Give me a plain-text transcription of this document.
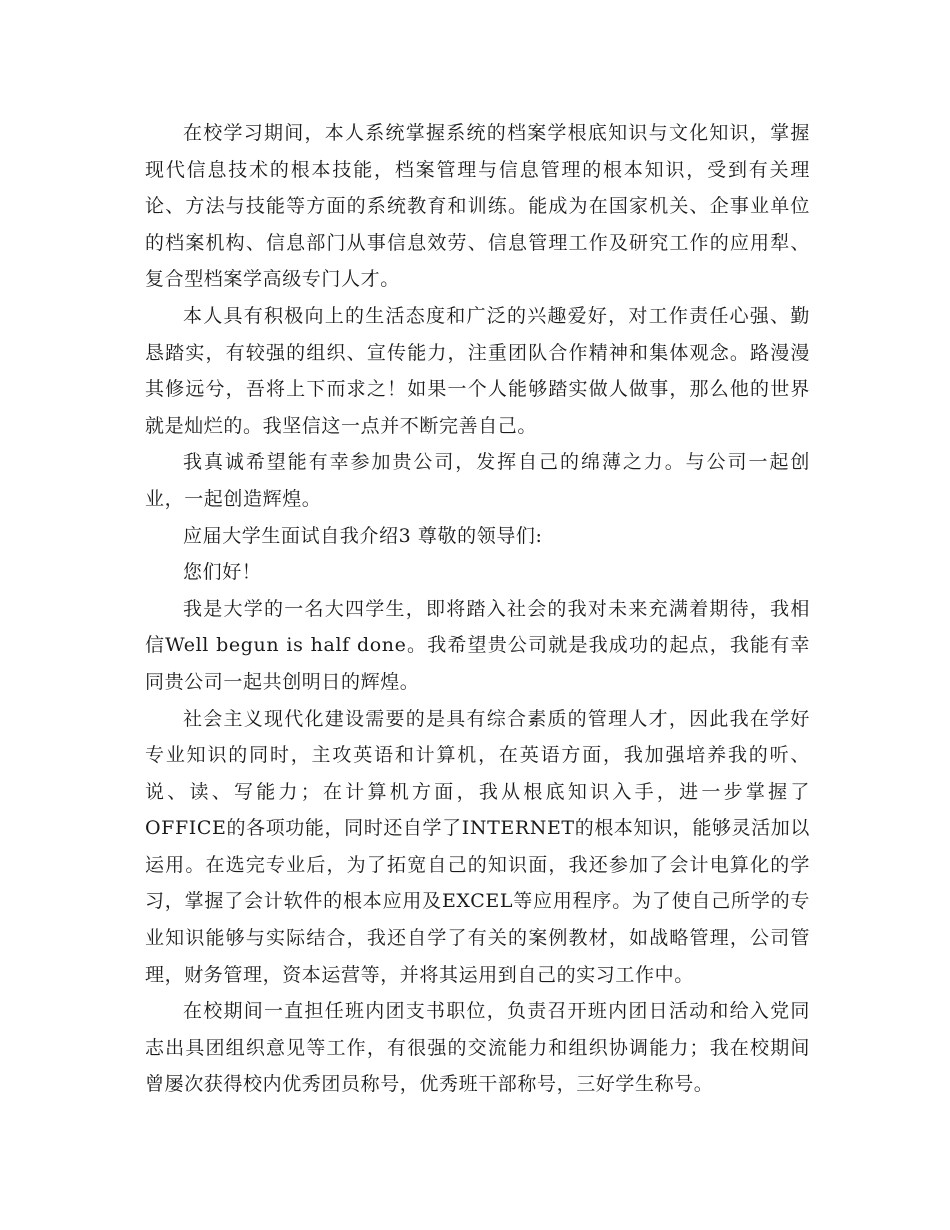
在校学习期间，本人系统掌握系统的档案学根底知识与文化知识，掌握现代信息技术的根本技能，档案管理与信息管理的根本知识，受到有关理论、方法与技能等方面的系统教育和训练。能成为在国家机关、企事业单位的档案机构、信息部门从事信息效劳、信息管理工作及研究工作的应用犁、复合型档案学高级专门人才。

本人具有积极向上的生活态度和广泛的兴趣爱好，对工作责任心强、勤恳踏实，有较强的组织、宣传能力，注重团队合作精神和集体观念。路漫漫其修远兮，吾将上下而求之！如果一个人能够踏实做人做事，那么他的世界就是灿烂的。我坚信这一点并不断完善自己。

我真诚希望能有幸参加贵公司，发挥自己的绵薄之力。与公司一起创业，一起创造辉煌。

应届大学生面试自我介绍3 尊敬的领导们:

您们好！

我是大学的一名大四学生，即将踏入社会的我对未来充满着期待，我相信Well begun is half done。我希望贵公司就是我成功的起点，我能有幸同贵公司一起共创明日的辉煌。

社会主义现代化建设需要的是具有综合素质的管理人才，因此我在学好专业知识的同时，主攻英语和计算机，在英语方面，我加强培养我的听、说、读、写能力；在计算机方面，我从根底知识入手，进一步掌握了OFFICE的各项功能，同时还自学了INTERNET的根本知识，能够灵活加以运用。在选完专业后，为了拓宽自己的知识面，我还参加了会计电算化的学习，掌握了会计软件的根本应用及EXCEL等应用程序。为了使自己所学的专业知识能够与实际结合，我还自学了有关的案例教材，如战略管理，公司管理，财务管理，资本运营等，并将其运用到自己的实习工作中。

在校期间一直担任班内团支书职位，负责召开班内团日活动和给入党同志出具团组织意见等工作，有很强的交流能力和组织协调能力；我在校期间曾屡次获得校内优秀团员称号，优秀班干部称号，三好学生称号。
